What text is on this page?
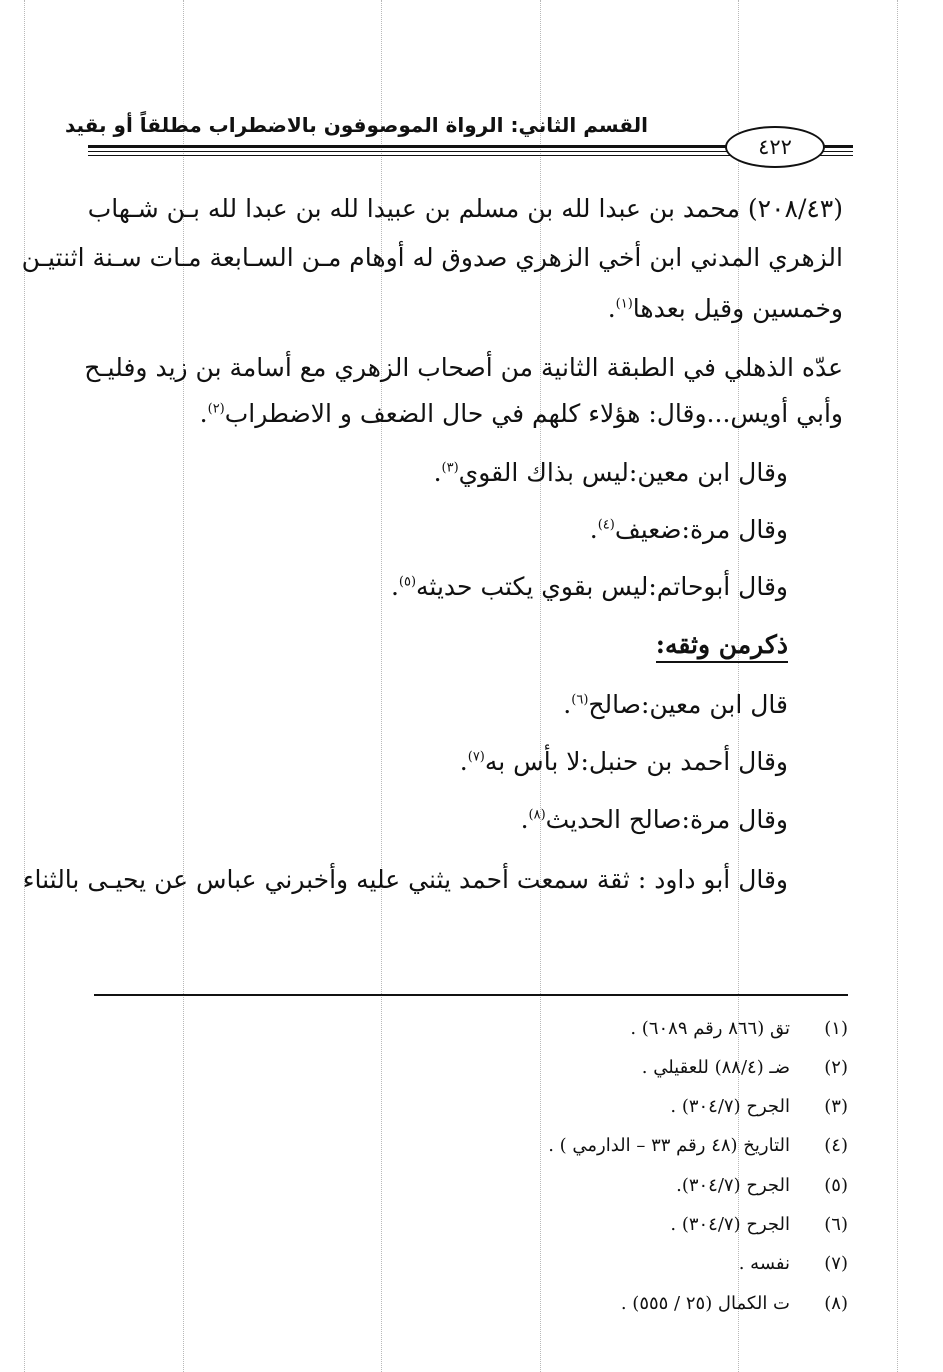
القسم الثاني: الرواة الموصوفون بالاضطراب مطلقاً أو بقيد
٤٢٢
(٢٠٨/٤٣) محمد بن عبدا لله بن مسلم بن عبيدا لله بن عبدا لله بـن شـهاب
الزهري المدني ابن أخي الزهري صدوق له أوهام مـن السـابعة مـات سـنة اثنتيـن
وخمسين وقيل بعدها$^{(١)}$.
عدّه الذهلي في الطبقة الثانية من أصحاب الزهري مع أسامة بن زيد وفليـح
وأبي أويس...وقال: هؤلاء كلهم في حال الضعف و الاضطراب$^{(٢)}$.
وقال ابن معين:ليس بذاك القوي$^{(٣)}$.
وقال مرة:ضعيف$^{(٤)}$.
وقال أبوحاتم:ليس بقوي يكتب حديثه$^{(٥)}$.
ذكرمن وثقه:
قال ابن معين:صالح$^{(٦)}$.
وقال أحمد بن حنبل:لا بأس به$^{(٧)}$.
وقال مرة:صالح الحديث$^{(٨)}$.
وقال أبو داود : ثقة سمعت أحمد يثني عليه وأخبرني عباس عن يحيـى بالثناء
(١)
تق (٨٦٦ رقم ٦٠٨٩) .
(٢)
ضـ (٨٨/٤) للعقيلي .
(٣)
الجرح (٣٠٤/٧) .
(٤)
التاريخ (٤٨ رقم ٣٣ – الدارمي ) .
(٥)
الجرح (٣٠٤/٧).
(٦)
الجرح (٣٠٤/٧) .
(٧)
نفسه .
(٨)
ت الكمال (٢٥ / ٥٥٥) .
